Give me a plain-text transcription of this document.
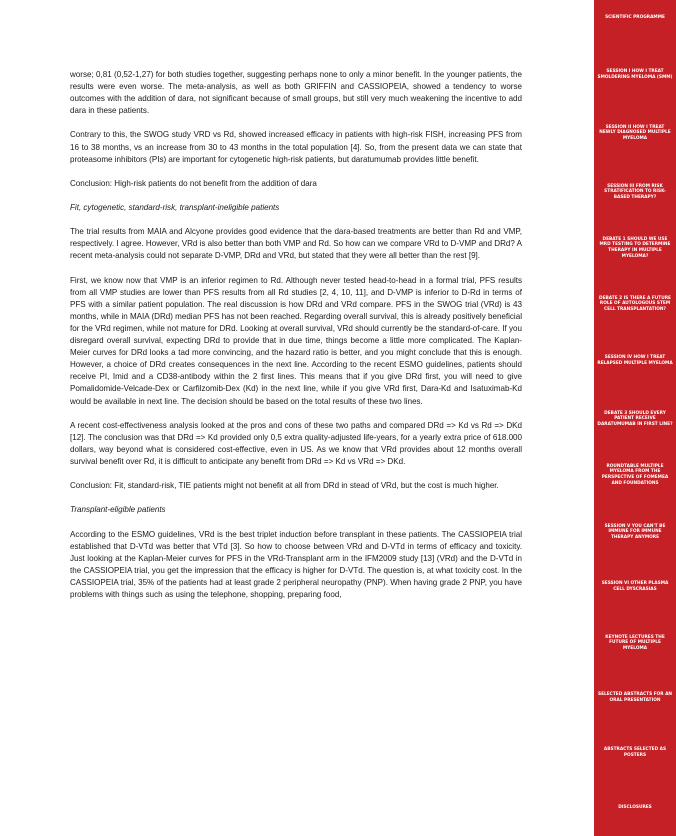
worse; 0,81 (0,52-1,27) for both studies together, suggesting perhaps none to only a minor benefit. In the younger patients, the results were even worse. The meta-analysis, as well as both GRIFFIN and CASSIOPEIA, showed a tendency to worse outcomes with the addition of dara, not significant because of small groups, but still very much weakening the incentive to add dara in these patients.

Contrary to this, the SWOG study VRD vs Rd, showed increased efficacy in patients with high-risk FISH, increasing PFS from 16 to 38 months, vs an increase from 30 to 43 months in the total population [4]. So, from the present data we can state that proteasome inhibitors (PIs) are important for cytogenetic high-risk patients, but daratumumab provides little benefit.

Conclusion: High-risk patients do not benefit from the addition of dara

Fit, cytogenetic, standard-risk, transplant-ineligible patients

The trial results from MAIA and Alcyone provides good evidence that the dara-based treatments are better than Rd and VMP, respectively. I agree. However, VRd is also better than both VMP and Rd. So how can we compare VRd to D-VMP and DRd? A recent meta-analysis could not separate D-VMP, DRd and VRd, but stated that they were all better than the rest [9].

First, we know now that VMP is an inferior regimen to Rd. Although never tested head-to-head in a formal trial, PFS results from all VMP studies are lower than PFS results from all Rd studies [2, 4, 10, 11], and D-VMP is inferior to D-Rd in terms of PFS with a similar patient population. The real discussion is how DRd and VRd compare. PFS in the SWOG trial (VRd) is 43 months, while in MAIA (DRd) median PFS has not been reached. Regarding overall survival, this is already positively beneficial for the VRd regimen, while not mature for DRd. Looking at overall survival, VRd should currently be the standard-of-care. If you disregard overall survival, expecting DRd to provide that in due time, things become a little more complicated. The Kaplan-Meier curves for DRd looks a tad more convincing, and the hazard ratio is better, and you might conclude that this is enough. However, a choice of DRd creates consequences in the next line. According to the recent ESMO guidelines, patients should receive PI, Imid and a CD38-antibody within the 2 first lines. This means that if you give DRd first, you will need to give Pomalidomide-Velcade-Dex or Carfilzomib-Dex (Kd) in the next line, while if you give VRd first, Dara-Kd and Isatuximab-Kd would be available in next line. The decision should be based on the total results of these two lines.

A recent cost-effectiveness analysis looked at the pros and cons of these two paths and compared DRd => Kd vs Rd => DKd [12]. The conclusion was that DRd => Kd provided only 0,5 extra quality-adjusted life-years, for a yearly extra price of 618.000 dollars, way beyond what is considered cost-effective, even in US. As we know that VRd provides about 12 months overall survival benefit over Rd, it is difficult to anticipate any benefit from DRd => Kd vs VRd => DKd.

Conclusion: Fit, standard-risk, TIE patients might not benefit at all from DRd in stead of VRd, but the cost is much higher.

Transplant-eligible patients

According to the ESMO guidelines, VRd is the best triplet induction before transplant in these patients. The CASSIOPEIA trial established that D-VTd was better that VTd [3]. So how to choose between VRd and D-VTd in terms of efficacy and toxicity. Just looking at the Kaplan-Meier curves for PFS in the VRd-Transplant arm in the IFM2009 study [13] (VRd) and the D-VTd in the CASSIOPEIA trial, you get the impression that the efficacy is higher for D-VTd. The question is, at what toxicity cost. In the CASSIOPEIA trial, 35% of the patients had at least grade 2 peripheral neuropathy (PNP). When having grade 2 PNP, you have problems with things such as using the telephone, shopping, preparing food,

SCIENTIFIC PROGRAMME
SESSION I HOW I TREAT SMOLDERING MYELOMA (SMM)
SESSION II HOW I TREAT NEWLY DIAGNOSED MULTIPLE MYELOMA
SESSION III FROM RISK STRATIFICATION TO RISK-BASED THERAPY?
DEBATE 1 SHOULD WE USE MRD TESTING TO DETERMINE THERAPY IN MULTIPLE MYELOMA?
DEBATE 2 IS THERE A FUTURE ROLE OF AUTOLOGOUS STEM CELL TRANSPLANTATION?
SESSION IV HOW I TREAT RELAPSED MULTIPLE MYELOMA
DEBATE 3 SHOULD EVERY PATIENT RECEIVE DARATUMUMAB IN FIRST LINE?
ROUNDTABLE MULTIPLE MYELOMA FROM THE PERSPECTIVE OF FOMEMEA AND FOUNDATIONS
SESSION V YOU CAN'T BE IMMUNE FOR IMMUNE THERAPY ANYMORE
SESSION VI OTHER PLASMA CELL DYSCRASIAS
KEYNOTE LECTURES THE FUTURE OF MULTIPLE MYELOMA
SELECTED ABSTRACTS FOR AN ORAL PRESENTATION
ABSTRACTS SELECTED AS POSTERS
DISCLOSURES
